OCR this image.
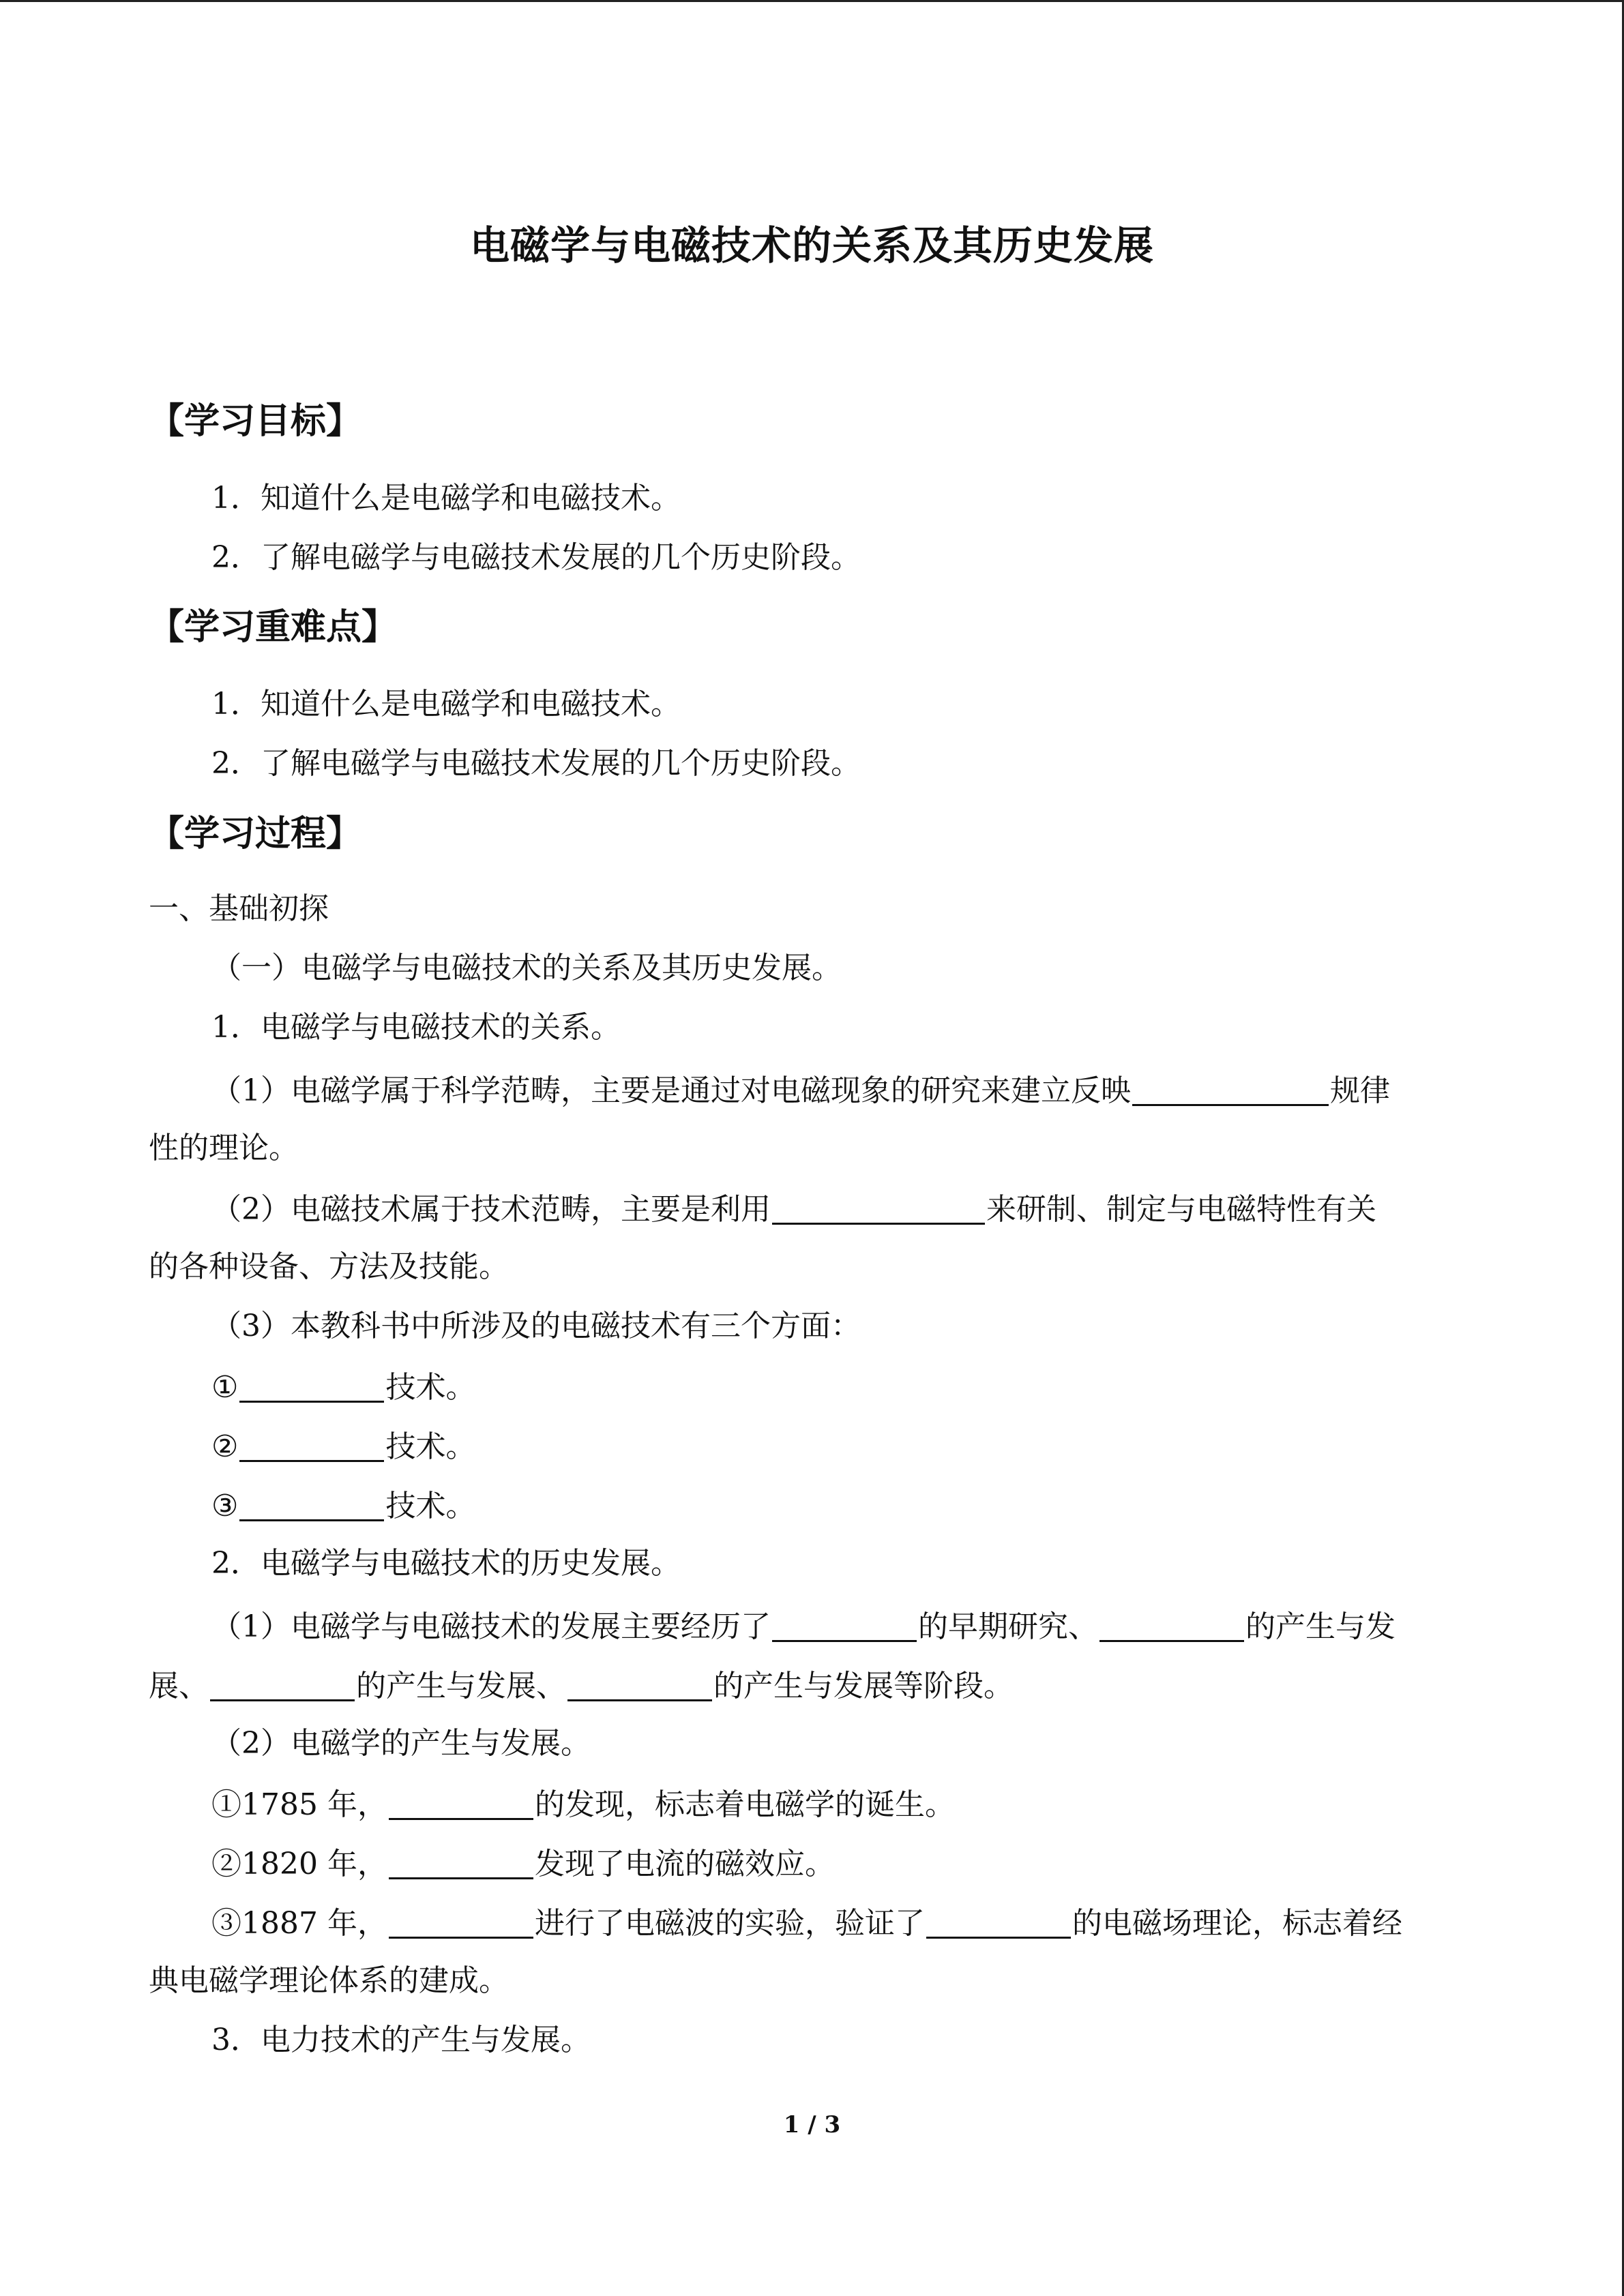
电磁学与电磁技术的关系及其历史发展
【学习目标】
1．知道什么是电磁学和电磁技术。
2．了解电磁学与电磁技术发展的几个历史阶段。
【学习重难点】
1．知道什么是电磁学和电磁技术。
2．了解电磁学与电磁技术发展的几个历史阶段。
【学习过程】
一、基础初探
（一）电磁学与电磁技术的关系及其历史发展。
1．电磁学与电磁技术的关系。
（1）电磁学属于科学范畴，主要是通过对电磁现象的研究来建立反映	规律
性的理论。
（2）电磁技术属于技术范畴，主要是利用	来研制、制定与电磁特性有关
的各种设备、方法及技能。
（3）本教科书中所涉及的电磁技术有三个方面：
①	技术。
②	技术。
③	技术。
2．电磁学与电磁技术的历史发展。
（1）电磁学与电磁技术的发展主要经历了	的早期研究、	的产生与发
展、	的产生与发展、	的产生与发展等阶段。
（2）电磁学的产生与发展。
①1785 年，	的发现，标志着电磁学的诞生。
②1820 年，	发现了电流的磁效应。
③1887 年，	进行了电磁波的实验，验证了	的电磁场理论，标志着经
典电磁学理论体系的建成。
3．电力技术的产生与发展。
1 / 3
